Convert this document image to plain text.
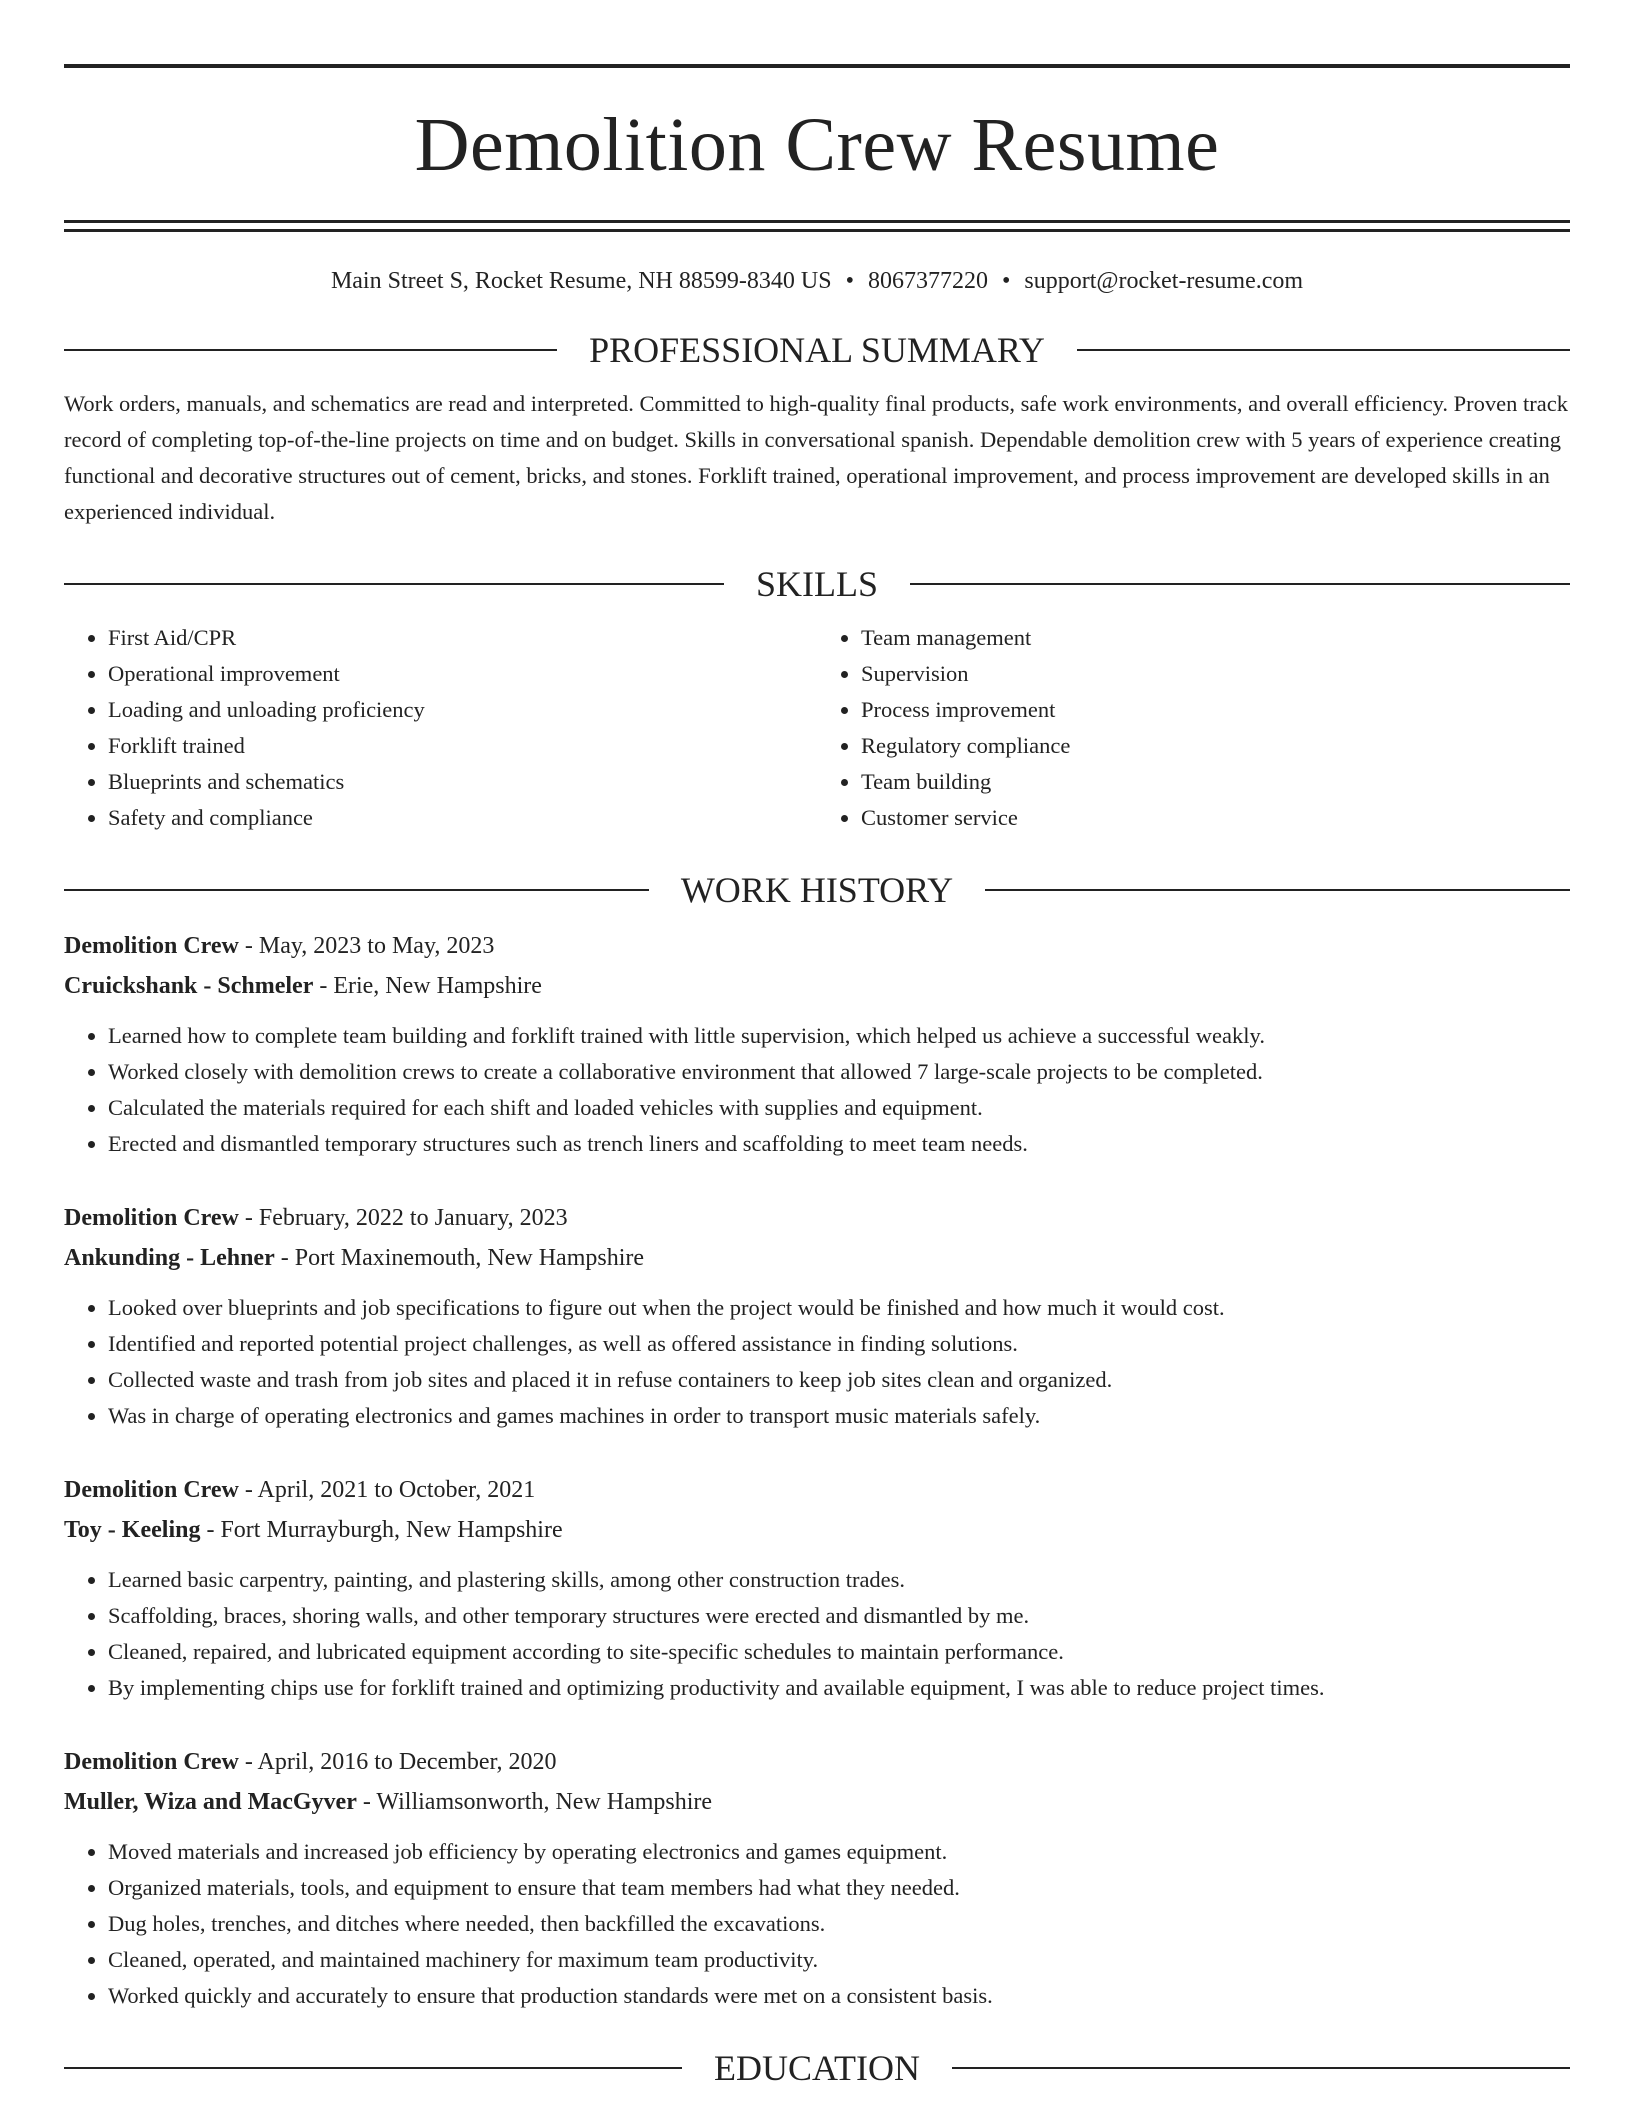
Demolition Crew Resume
Main Street S, Rocket Resume, NH 88599-8340 US • 8067377220 • support@rocket-resume.com
PROFESSIONAL SUMMARY

Work orders, manuals, and schematics are read and interpreted. Committed to high-quality final products, safe work environments, and overall efficiency. Proven track record of completing top-of-the-line projects on time and on budget. Skills in conversational spanish. Dependable demolition crew with 5 years of experience creating functional and decorative structures out of cement, bricks, and stones. Forklift trained, operational improvement, and process improvement are developed skills in an experienced individual.

SKILLS
• First Aid/CPR
• Operational improvement
• Loading and unloading proficiency
• Forklift trained
• Blueprints and schematics
• Safety and compliance
• Team management
• Supervision
• Process improvement
• Regulatory compliance
• Team building
• Customer service
WORK HISTORY
Demolition Crew - May, 2023 to May, 2023
Cruickshank - Schmeler - Erie, New Hampshire
• Learned how to complete team building and forklift trained with little supervision, which helped us achieve a successful weakly.
• Worked closely with demolition crews to create a collaborative environment that allowed 7 large-scale projects to be completed.
• Calculated the materials required for each shift and loaded vehicles with supplies and equipment.
• Erected and dismantled temporary structures such as trench liners and scaffolding to meet team needs.
Demolition Crew - February, 2022 to January, 2023
Ankunding - Lehner - Port Maxinemouth, New Hampshire
• Looked over blueprints and job specifications to figure out when the project would be finished and how much it would cost.
• Identified and reported potential project challenges, as well as offered assistance in finding solutions.
• Collected waste and trash from job sites and placed it in refuse containers to keep job sites clean and organized.
• Was in charge of operating electronics and games machines in order to transport music materials safely.
Demolition Crew - April, 2021 to October, 2021
Toy - Keeling - Fort Murrayburgh, New Hampshire
• Learned basic carpentry, painting, and plastering skills, among other construction trades.
• Scaffolding, braces, shoring walls, and other temporary structures were erected and dismantled by me.
• Cleaned, repaired, and lubricated equipment according to site-specific schedules to maintain performance.
• By implementing chips use for forklift trained and optimizing productivity and available equipment, I was able to reduce project times.
Demolition Crew - April, 2016 to December, 2020
Muller, Wiza and MacGyver - Williamsonworth, New Hampshire
• Moved materials and increased job efficiency by operating electronics and games equipment.
• Organized materials, tools, and equipment to ensure that team members had what they needed.
• Dug holes, trenches, and ditches where needed, then backfilled the excavations.
• Cleaned, operated, and maintained machinery for maximum team productivity.
• Worked quickly and accurately to ensure that production standards were met on a consistent basis.
EDUCATION
